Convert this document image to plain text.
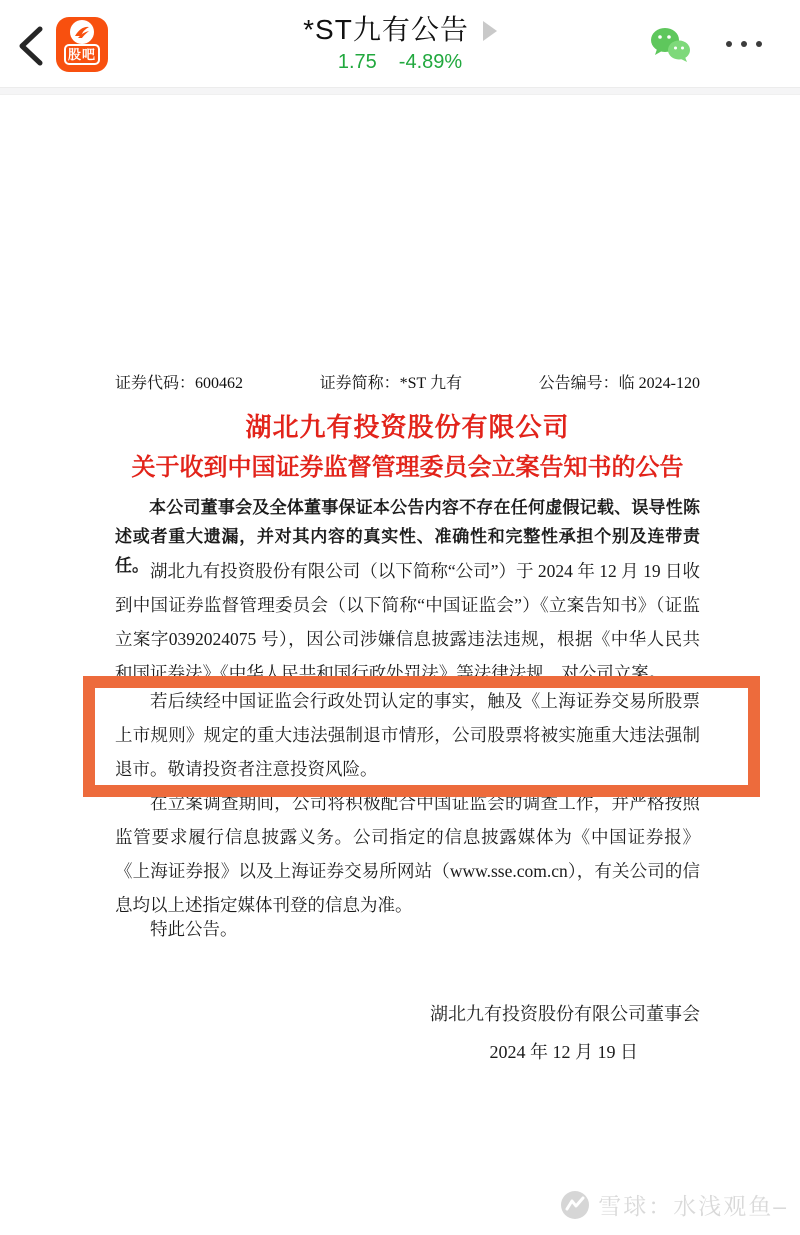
股吧
*ST九有公告
1.75 -4.89%
证券代码：600462	证券简称：*ST 九有	公告编号：临 2024-120
湖北九有投资股份有限公司
关于收到中国证券监督管理委员会立案告知书的公告

本公司董事会及全体董事保证本公告内容不存在任何虚假记载、误导性陈述或者重大遗漏，并对其内容的真实性、准确性和完整性承担个别及连带责任。 湖北九有投资股份有限公司（以下简称“公司”）于 2024 年 12 月 19 日收到中国证券监督管理委员会（以下简称“中国证监会”）《立案告知书》（证监立案字0392024075 号），因公司涉嫌信息披露违法违规，根据《中华人民共和国证券法》《中华人民共和国行政处罚法》等法律法规，对公司立案。

若后续经中国证监会行政处罚认定的事实，触及《上海证券交易所股票上市规则》规定的重大违法强制退市情形，公司股票将被实施重大违法强制退市。敬请投资者注意投资风险。

在立案调查期间，公司将积极配合中国证监会的调查工作，并严格按照监管要求履行信息披露义务。公司指定的信息披露媒体为《中国证券报》《上海证券报》以及上海证券交易所网站（www.sse.com.cn），有关公司的信息均以上述指定媒体刊登的信息为准。

特此公告。

湖北九有投资股份有限公司董事会

2024 年 12 月 19 日

雪球：水浅观鱼–
